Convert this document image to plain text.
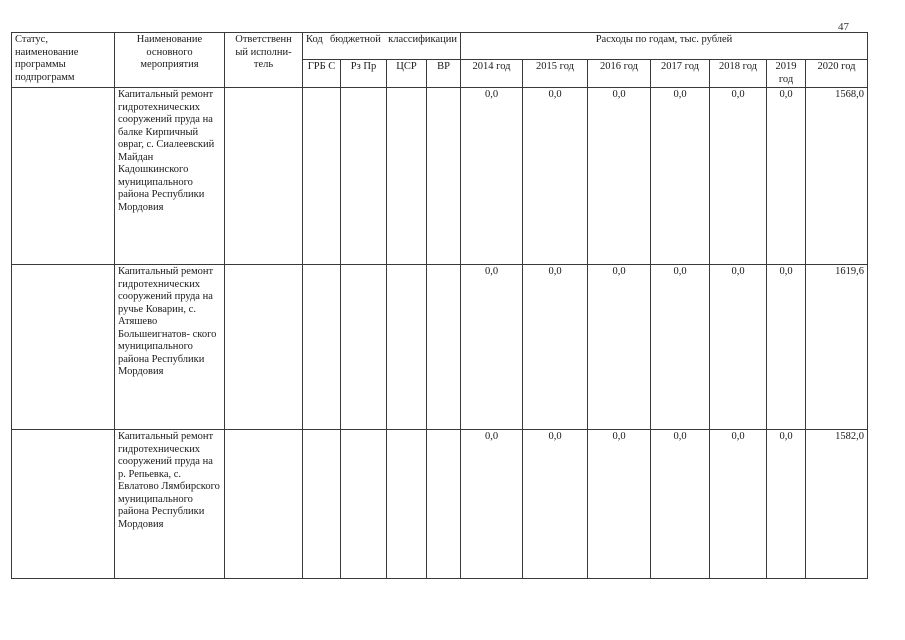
47
Статус, наименование программы подпрограмм	Наименование основного мероприятия	Ответственн ый исполни- тель	Код бюджетной классификации				Расходы по годам, тыс. рублей						
			ГРБ С	Рз Пр	ЦСР	ВР	2014 год	2015 год	2016 год	2017 год	2018 год	2019 год	2020 год
	Капитальный ремонт гидротехнических сооружений пруда на балке Кирпичный овраг, с. Сиалеевский Майдан Кадошкинского муниципального района Республики Мордовия						0,0	0,0	0,0	0,0	0,0	0,0	1568,0
	Капитальный ремонт гидротехнических сооружений пруда на ручье Коварин, с. Атяшево Большеигнатов- ского муниципального района Республики Мордовия						0,0	0,0	0,0	0,0	0,0	0,0	1619,6
	Капитальный ремонт гидротехнических сооружений пруда на р. Репьевка, с. Евлатово Лямбирского муниципального района Республики Мордовия						0,0	0,0	0,0	0,0	0,0	0,0	1582,0
